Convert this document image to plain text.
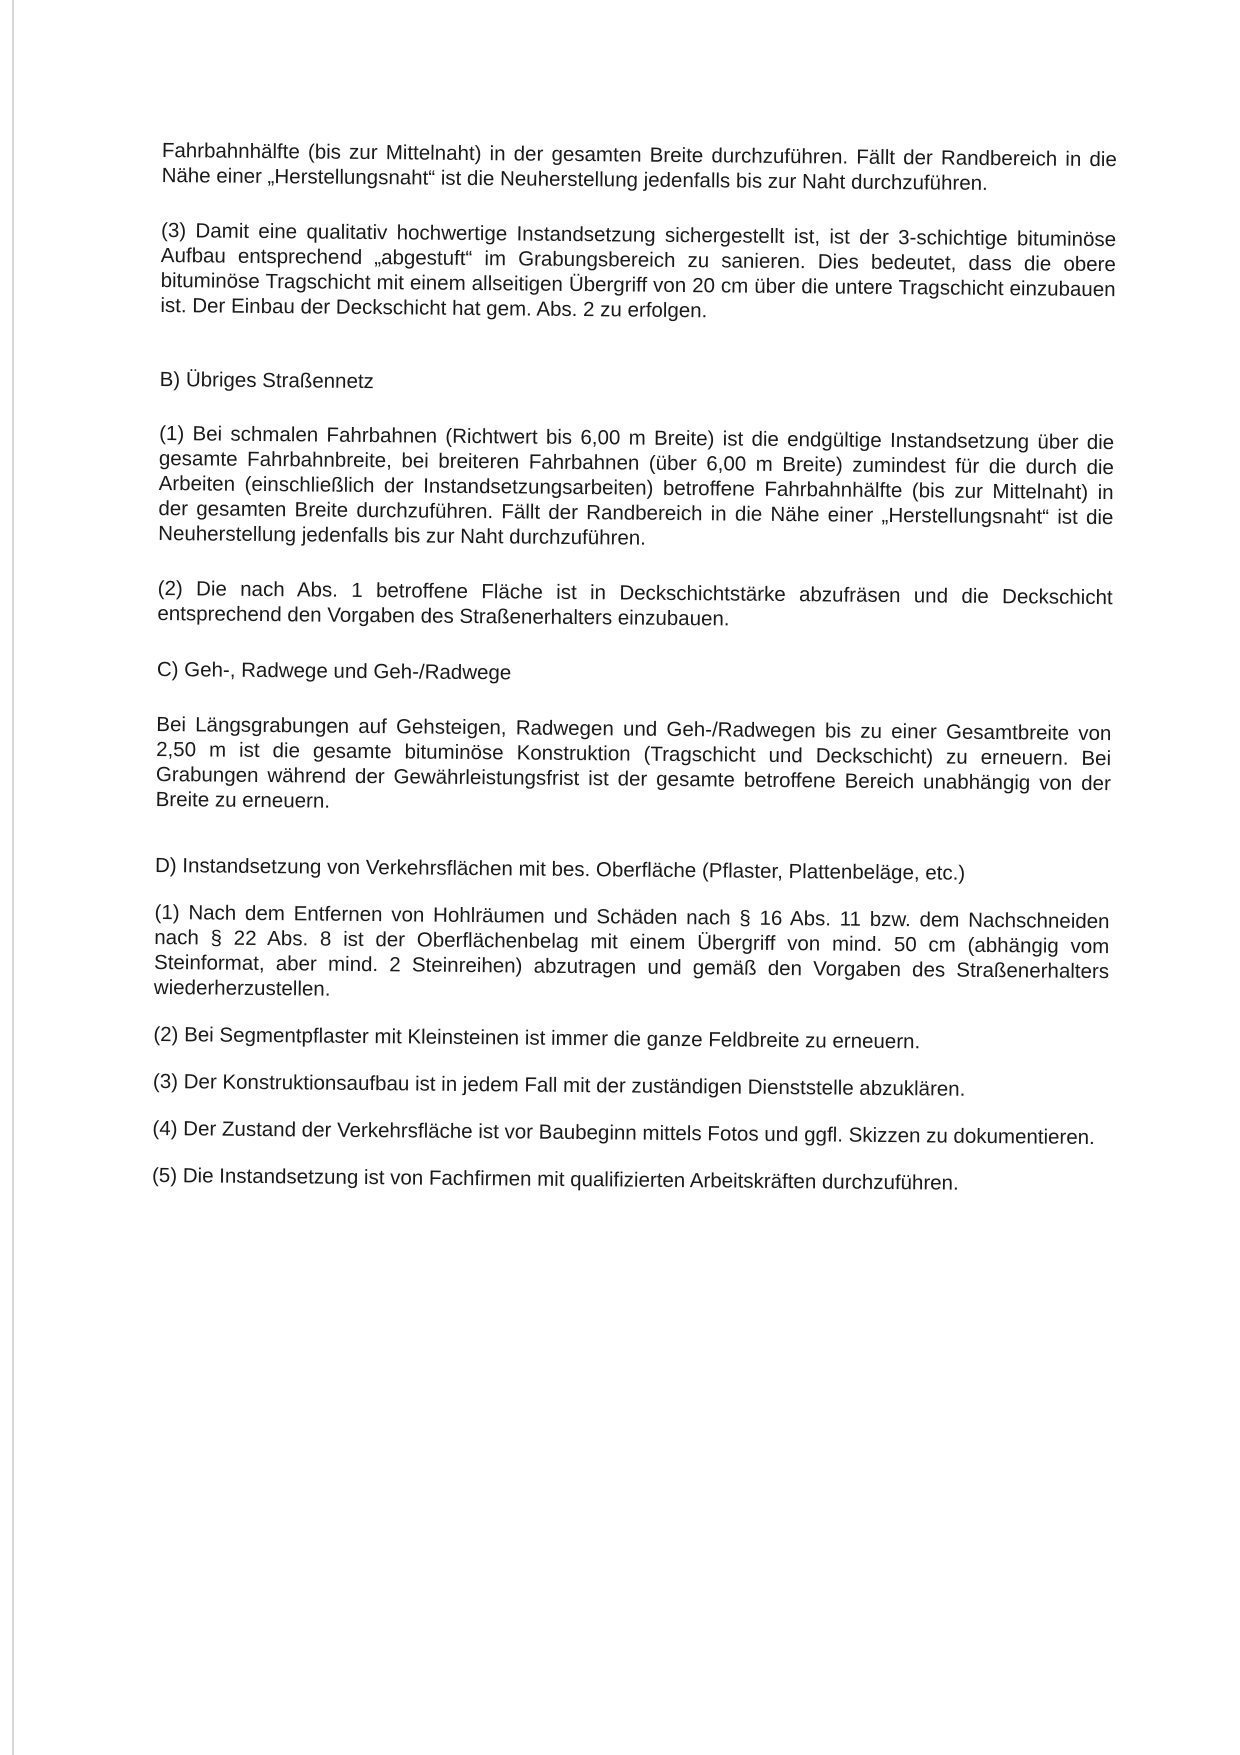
Fahrbahnhälfte (bis zur Mittelnaht) in der gesamten Breite durchzuführen. Fällt der Randbereich in die Nähe einer „Herstellungsnaht“ ist die Neuherstellung jedenfalls bis zur Naht durchzuführen.

(3) Damit eine qualitativ hochwertige Instandsetzung sichergestellt ist, ist der 3-schichtige bituminöse Aufbau entsprechend „abgestuft“ im Grabungsbereich zu sanieren. Dies bedeutet, dass die obere bituminöse Tragschicht mit einem allseitigen Übergriff von 20 cm über die untere Tragschicht einzubauen ist. Der Einbau der Deckschicht hat gem. Abs. 2 zu erfolgen.

B) Übriges Straßennetz

(1) Bei schmalen Fahrbahnen (Richtwert bis 6,00 m Breite) ist die endgültige Instandsetzung über die gesamte Fahrbahnbreite, bei breiteren Fahrbahnen (über 6,00 m Breite) zumindest für die durch die Arbeiten (einschließlich der Instandsetzungsarbeiten) betroffene Fahrbahnhälfte (bis zur Mittelnaht) in der gesamten Breite durchzuführen. Fällt der Randbereich in die Nähe einer „Herstellungsnaht“ ist die Neuherstellung jedenfalls bis zur Naht durchzuführen.

(2) Die nach Abs. 1 betroffene Fläche ist in Deckschichtstärke abzufräsen und die Deckschicht entsprechend den Vorgaben des Straßenerhalters einzubauen.

C) Geh-, Radwege und Geh-/Radwege

Bei Längsgrabungen auf Gehsteigen, Radwegen und Geh-/Radwegen bis zu einer Gesamtbreite von 2,50 m ist die gesamte bituminöse Konstruktion (Tragschicht und Deckschicht) zu erneuern. Bei Grabungen während der Gewährleistungsfrist ist der gesamte betroffene Bereich unabhängig von der Breite zu erneuern.

D) Instandsetzung von Verkehrsflächen mit bes. Oberfläche (Pflaster, Plattenbeläge, etc.)

(1) Nach dem Entfernen von Hohlräumen und Schäden nach § 16 Abs. 11 bzw. dem Nachschneiden nach § 22 Abs. 8 ist der Oberflächenbelag mit einem Übergriff von mind. 50 cm (abhängig vom Steinformat, aber mind. 2 Steinreihen) abzutragen und gemäß den Vorgaben des Straßenerhalters wiederherzustellen.

(2) Bei Segmentpflaster mit Kleinsteinen ist immer die ganze Feldbreite zu erneuern.

(3) Der Konstruktionsaufbau ist in jedem Fall mit der zuständigen Dienststelle abzuklären.

(4) Der Zustand der Verkehrsfläche ist vor Baubeginn mittels Fotos und ggfl. Skizzen zu dokumentieren.

(5) Die Instandsetzung ist von Fachfirmen mit qualifizierten Arbeitskräften durchzuführen.
